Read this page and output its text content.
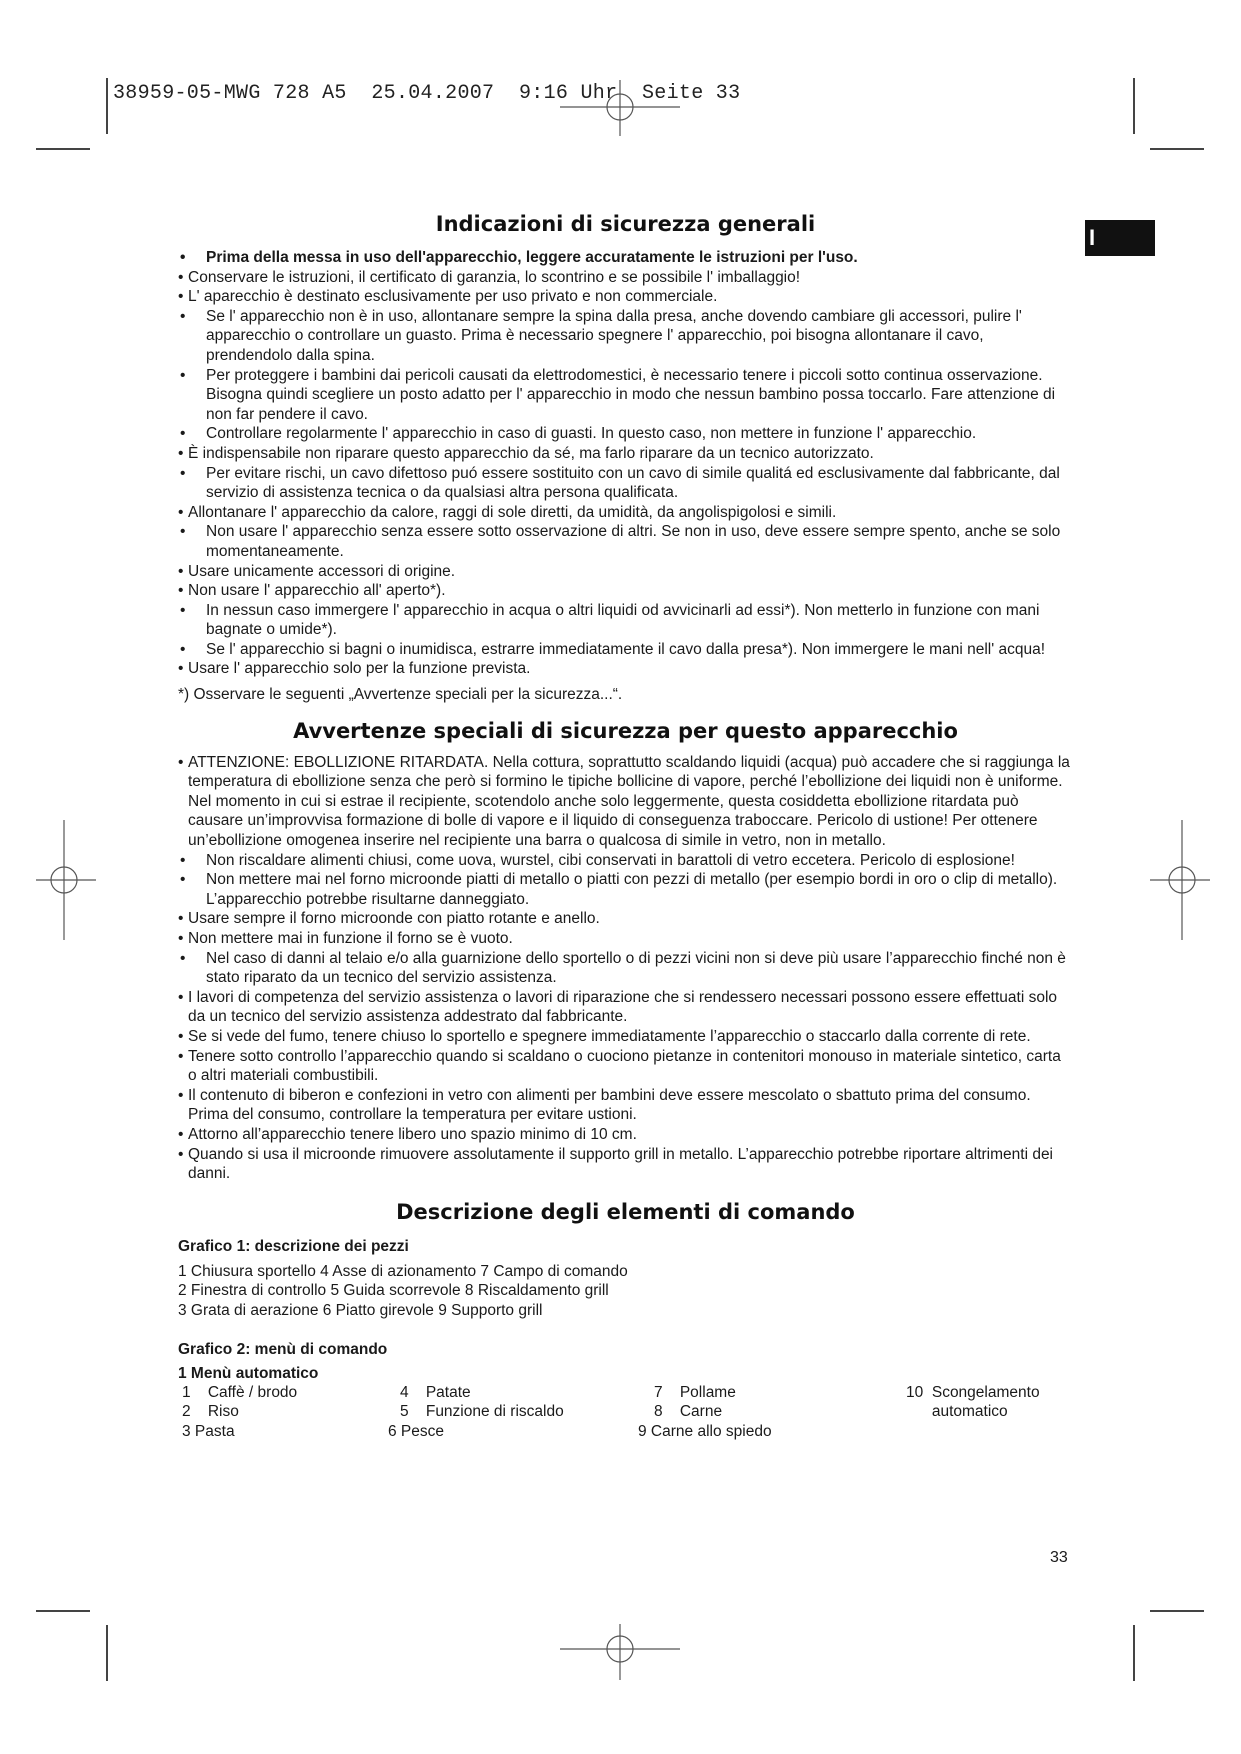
38959-05-MWG 728 A5  25.04.2007  9:16 Uhr  Seite 33
I
Indicazioni di sicurezza generali
• Prima della messa in uso dell'apparecchio, leggere accuratamente le istruzioni per l'uso.
• Conservare le istruzioni, il certificato di garanzia, lo scontrino e se possibile l' imballaggio!
• L' aparecchio è destinato esclusivamente per uso privato e non commerciale.
• Se l' apparecchio non è in uso, allontanare sempre la spina dalla presa, anche dovendo cambiare gli accessori, pulire l' apparecchio o controllare un guasto. Prima è necessario spegnere l' apparecchio, poi bisogna allontanare il cavo, prendendolo dalla spina.
• Per proteggere i bambini dai pericoli causati da elettrodomestici, è necessario tenere i piccoli sotto continua osservazione. Bisogna quindi scegliere un posto adatto per l' apparecchio in modo che nessun bambino possa toccarlo. Fare attenzione di non far pendere il cavo.
• Controllare regolarmente l' apparecchio in caso di guasti. In questo caso, non mettere in funzione l' apparecchio.
• È indispensabile non riparare questo apparecchio da sé, ma farlo riparare da un tecnico autorizzato.
• Per evitare rischi, un cavo difettoso puó essere sostituito con un cavo di simile qualitá ed esclusivamente dal fabbricante, dal servizio di assistenza tecnica o da qualsiasi altra persona qualificata.
• Allontanare l' apparecchio da calore, raggi di sole diretti, da umidità, da angolispigolosi e simili.
• Non usare l' apparecchio senza essere sotto osservazione di altri. Se non in uso, deve essere sempre spento, anche se solo momentaneamente.
• Usare unicamente accessori di origine.
• Non usare l' apparecchio all' aperto*).
• In nessun caso immergere l' apparecchio in acqua o altri liquidi od avvicinarli ad essi*). Non metterlo in funzione con mani bagnate o umide*).
• Se l' apparecchio si bagni o inumidisca, estrarre immediatamente il cavo dalla presa*). Non immergere le mani nell' acqua!
• Usare l' apparecchio solo per la funzione prevista.

*) Osservare le seguenti „Avvertenze speciali per la sicurezza...“.

Avvertenze speciali di sicurezza per questo apparecchio
• ATTENZIONE: EBOLLIZIONE RITARDATA. Nella cottura, soprattutto scaldando liquidi (acqua) può accadere che si raggiunga la temperatura di ebollizione senza che però si formino le tipiche bollicine di vapore, perché l’ebollizione dei liquidi non è uniforme. Nel momento in cui si estrae il recipiente, scotendolo anche solo leggermente, questa cosiddetta ebollizione ritardata può causare un’improvvisa formazione di bolle di vapore e il liquido di conseguenza traboccare. Pericolo di ustione! Per ottenere un’ebollizione omogenea inserire nel recipiente una barra o qualcosa di simile in vetro, non in metallo.
• Non riscaldare alimenti chiusi, come uova, wurstel, cibi conservati in barattoli di vetro eccetera. Pericolo di esplosione!
• Non mettere mai nel forno microonde piatti di metallo o piatti con pezzi di metallo (per esempio bordi in oro o clip di metallo). L’apparecchio potrebbe risultarne danneggiato.
• Usare sempre il forno microonde con piatto rotante e anello.
• Non mettere mai in funzione il forno se è vuoto.
• Nel caso di danni al telaio e/o alla guarnizione dello sportello o di pezzi vicini non si deve più usare l’apparecchio finché non è stato riparato da un tecnico del servizio assistenza.
• I lavori di competenza del servizio assistenza o lavori di riparazione che si rendessero necessari possono essere effettuati solo da un tecnico del servizio assistenza addestrato dal fabbricante.
• Se si vede del fumo, tenere chiuso lo sportello e spegnere immediatamente l’apparecchio o staccarlo dalla corrente di rete.
• Tenere sotto controllo l’apparecchio quando si scaldano o cuociono pietanze in contenitori monouso in materiale sintetico, carta o altri materiali combustibili.
• Il contenuto di biberon e confezioni in vetro con alimenti per bambini deve essere mescolato o sbattuto prima del consumo. Prima del consumo, controllare la temperatura per evitare ustioni.
• Attorno all’apparecchio tenere libero uno spazio minimo di 10 cm.
• Quando si usa il microonde rimuovere assolutamente il supporto grill in metallo. L’apparecchio potrebbe riportare altrimenti dei danni.
Descrizione degli elementi di comando

Grafico 1: descrizione dei pezzi

1 Chiusura sportello 4 Asse di azionamento 7 Campo di comando

2 Finestra di controllo 5 Guida scorrevole 8 Riscaldamento grill

3 Grata di aerazione 6 Piatto girevole 9 Supporto grill

Grafico 2: menù di comando

1 Menù automatico

1    Caffè / brodo
2    Riso
3 Pasta
4    Patate
5    Funzione di riscaldo
6 Pesce
7    Pollame
8    Carne
9 Carne allo spiedo
10  Scongelamento
automatico
33
